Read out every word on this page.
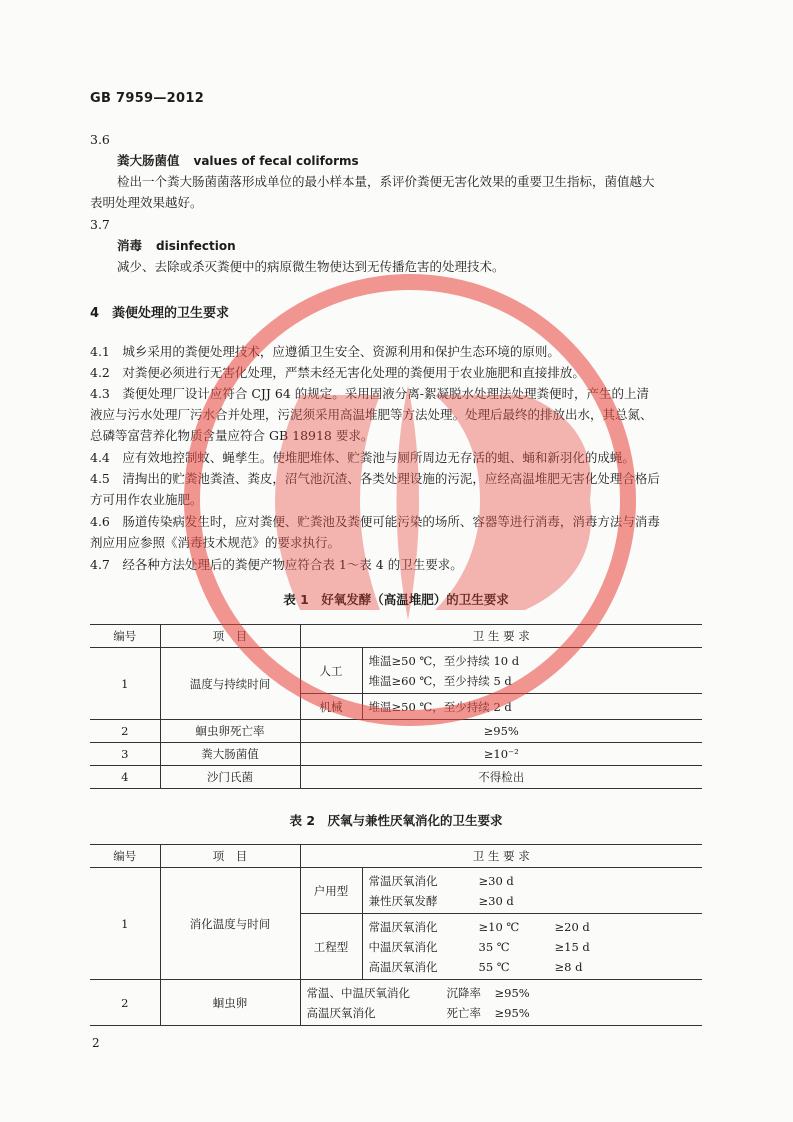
GB 7959—2012
3.6
粪大肠菌值 values of fecal coliforms
检出一个粪大肠菌菌落形成单位的最小样本量，系评价粪便无害化效果的重要卫生指标，菌值越大
表明处理效果越好。
3.7
消毒 disinfection
减少、去除或杀灭粪便中的病原微生物使达到无传播危害的处理技术。
4　粪便处理的卫生要求
4.1　城乡采用的粪便处理技术，应遵循卫生安全、资源利用和保护生态环境的原则。
4.2　对粪便必须进行无害化处理，严禁未经无害化处理的粪便用于农业施肥和直接排放。
4.3　粪便处理厂设计应符合 CJJ 64 的规定。采用固液分离-絮凝脱水处理法处理粪便时，产生的上清
液应与污水处理厂污水合并处理，污泥须采用高温堆肥等方法处理。处理后最终的排放出水，其总氮、
总磷等富营养化物质含量应符合 GB 18918 要求。
4.4　应有效地控制蚊、蝇孳生。使堆肥堆体、贮粪池与厕所周边无存活的蛆、蛹和新羽化的成蝇。
4.5　清掏出的贮粪池粪渣、粪皮，沼气池沉渣、各类处理设施的污泥，应经高温堆肥无害化处理合格后
方可用作农业施肥。
4.6　肠道传染病发生时，应对粪便、贮粪池及粪便可能污染的场所、容器等进行消毒，消毒方法与消毒
剂应用应参照《消毒技术规范》的要求执行。
4.7　经各种方法处理后的粪便产物应符合表 1～表 4 的卫生要求。
表 1　好氧发酵（高温堆肥）的卫生要求
编号	项　目	卫 生 要 求	
1	温度与持续时间	人工	堆温≥50 ℃，至少持续 10 d
堆温≥60 ℃，至少持续 5 d

		机械	堆温≥50 ℃，至少持续 2 d
2	蛔虫卵死亡率	≥95%	
3	粪大肠菌值	≥10⁻²	
4	沙门氏菌	不得检出	
表 2　厌氧与兼性厌氧消化的卫生要求
编号	项　目	卫 生 要 求	
1	消化温度与时间	户用型	常温厌氧消化 ≥30 d
兼性厌氧发酵 ≥30 d

		工程型	常温厌氧消化 ≥10 ℃ ≥20 d
中温厌氧消化 35 ℃ ≥15 d
高温厌氧消化 55 ℃ ≥8 d

2	蛔虫卵	常温、中温厌氧消化 沉降率 ≥95%
高温厌氧消化 死亡率 ≥95%	
2
